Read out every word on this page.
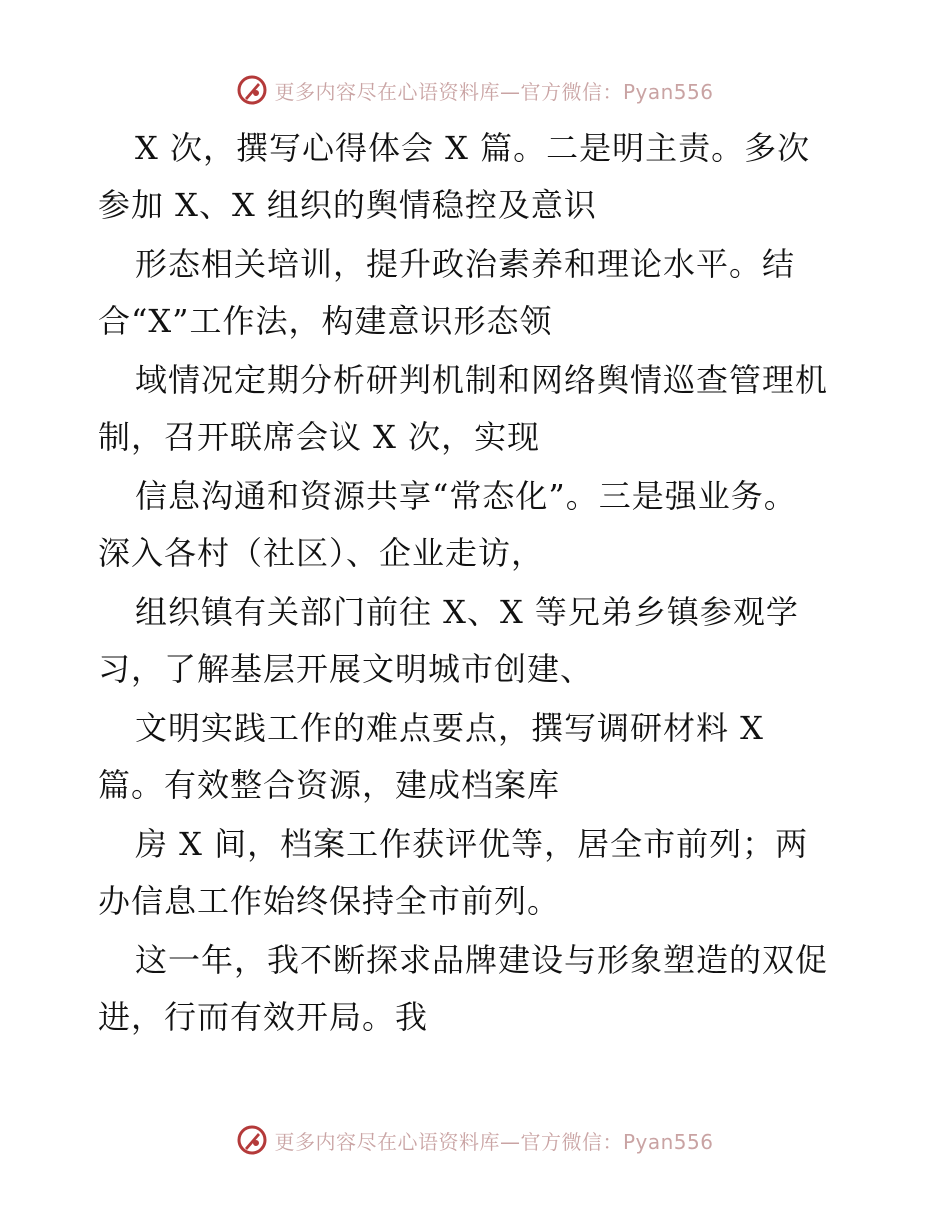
更多内容尽在心语资料库—官方微信：Pyan556
X 次，撰写心得体会 X 篇。二是明主责。多次
参加 X、X 组织的舆情稳控及意识
形态相关培训，提升政治素养和理论水平。结
合“X”工作法，构建意识形态领
域情况定期分析研判机制和网络舆情巡查管理机
制，召开联席会议 X 次，实现
信息沟通和资源共享“常态化”。三是强业务。
深入各村（社区）、企业走访，
组织镇有关部门前往 X、X 等兄弟乡镇参观学
习，了解基层开展文明城市创建、
文明实践工作的难点要点，撰写调研材料 X
篇。有效整合资源，建成档案库
房 X 间，档案工作获评优等，居全市前列；两
办信息工作始终保持全市前列。
这一年，我不断探求品牌建设与形象塑造的双促
进，行而有效开局。我
更多内容尽在心语资料库—官方微信：Pyan556
